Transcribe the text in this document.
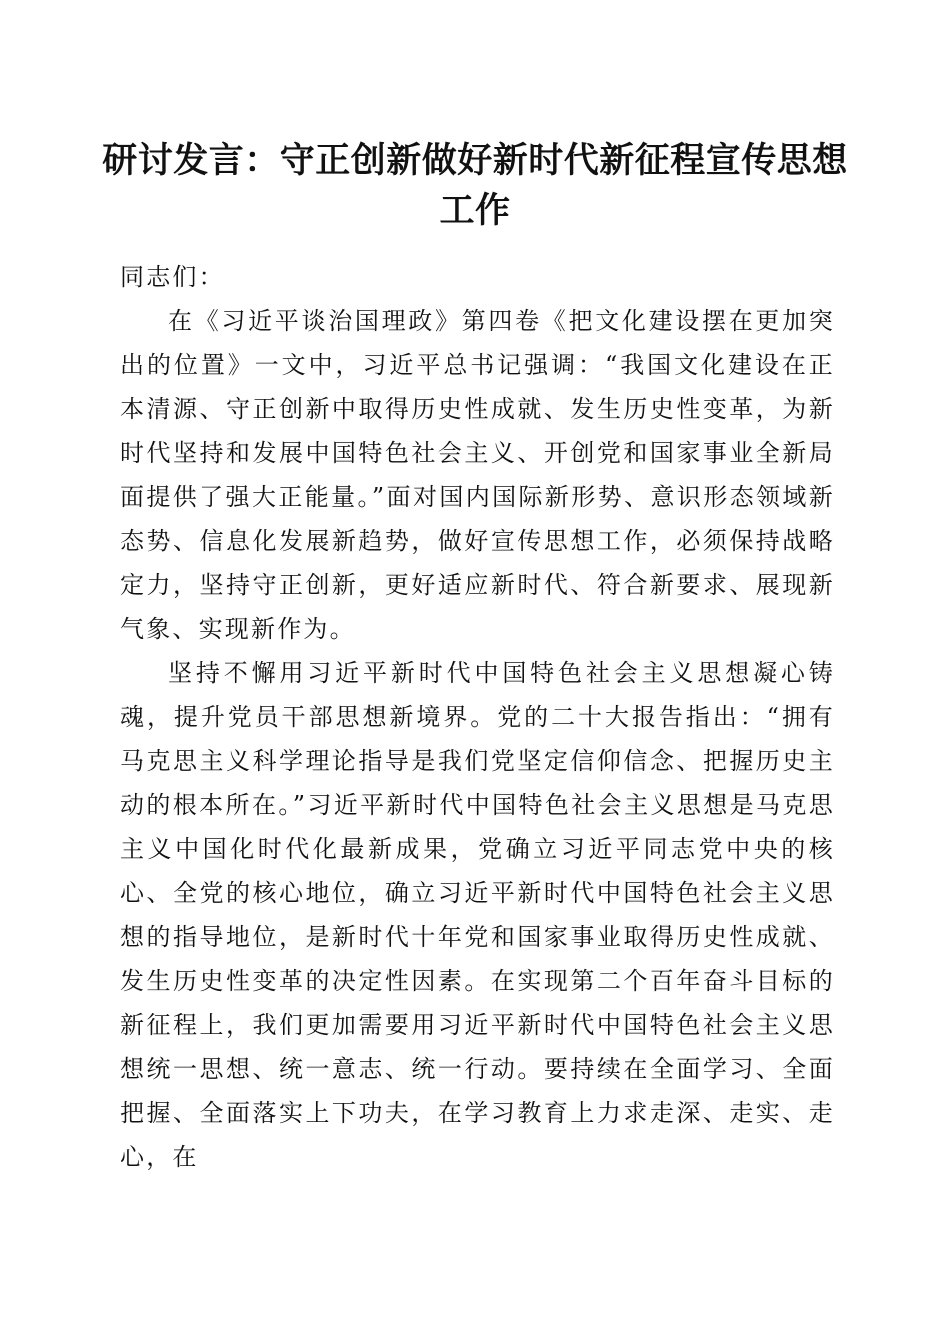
研讨发言：守正创新做好新时代新征程宣传思想工作

同志们：

在《习近平谈治国理政》第四卷《把文化建设摆在更加突出的位置》一文中，习近平总书记强调：“我国文化建设在正本清源、守正创新中取得历史性成就、发生历史性变革，为新时代坚持和发展中国特色社会主义、开创党和国家事业全新局面提供了强大正能量。”面对国内国际新形势、意识形态领域新态势、信息化发展新趋势，做好宣传思想工作，必须保持战略定力，坚持守正创新，更好适应新时代、符合新要求、展现新气象、实现新作为。

坚持不懈用习近平新时代中国特色社会主义思想凝心铸魂，提升党员干部思想新境界。党的二十大报告指出：“拥有马克思主义科学理论指导是我们党坚定信仰信念、把握历史主动的根本所在。”习近平新时代中国特色社会主义思想是马克思主义中国化时代化最新成果，党确立习近平同志党中央的核心、全党的核心地位，确立习近平新时代中国特色社会主义思想的指导地位，是新时代十年党和国家事业取得历史性成就、发生历史性变革的决定性因素。在实现第二个百年奋斗目标的新征程上，我们更加需要用习近平新时代中国特色社会主义思想统一思想、统一意志、统一行动。要持续在全面学习、全面把握、全面落实上下功夫，在学习教育上力求走深、走实、走心，在
